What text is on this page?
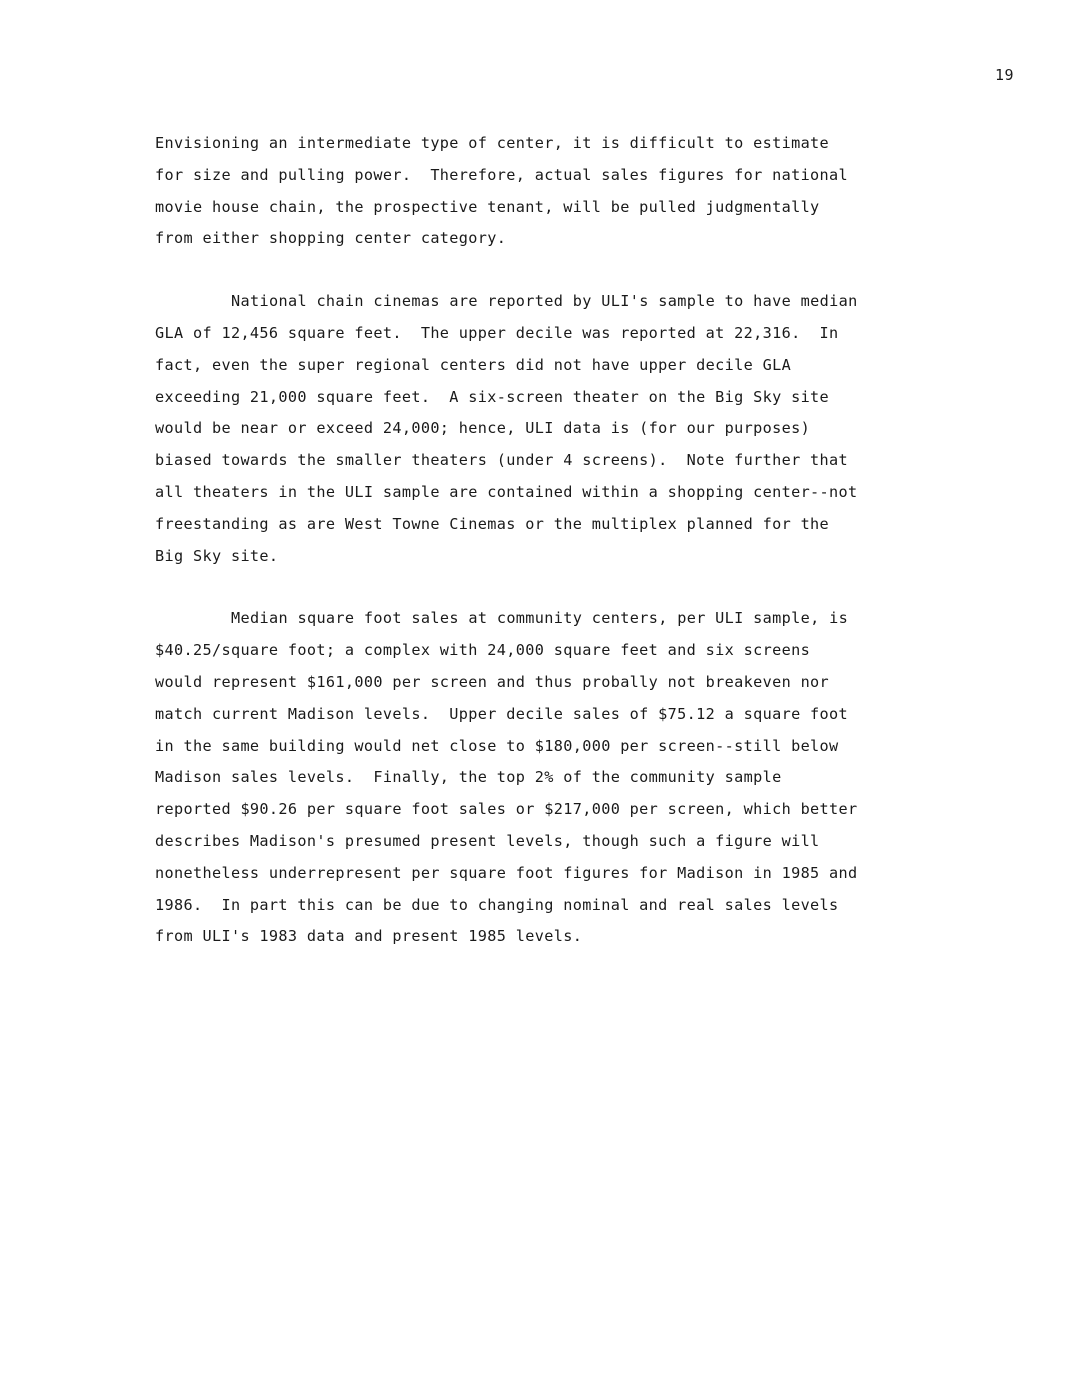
19
Envisioning an intermediate type of center, it is difficult to estimate
for size and pulling power.  Therefore, actual sales figures for national
movie house chain, the prospective tenant, will be pulled judgmentally
from either shopping center category.
National chain cinemas are reported by ULI's sample to have median
GLA of 12,456 square feet.  The upper decile was reported at 22,316.  In
fact, even the super regional centers did not have upper decile GLA
exceeding 21,000 square feet.  A six-screen theater on the Big Sky site
would be near or exceed 24,000; hence, ULI data is (for our purposes)
biased towards the smaller theaters (under 4 screens).  Note further that
all theaters in the ULI sample are contained within a shopping center--not
freestanding as are West Towne Cinemas or the multiplex planned for the
Big Sky site.
Median square foot sales at community centers, per ULI sample, is
$40.25/square foot; a complex with 24,000 square feet and six screens
would represent $161,000 per screen and thus probally not breakeven nor
match current Madison levels.  Upper decile sales of $75.12 a square foot
in the same building would net close to $180,000 per screen--still below
Madison sales levels.  Finally, the top 2% of the community sample
reported $90.26 per square foot sales or $217,000 per screen, which better
describes Madison's presumed present levels, though such a figure will
nonetheless underrepresent per square foot figures for Madison in 1985 and
1986.  In part this can be due to changing nominal and real sales levels
from ULI's 1983 data and present 1985 levels.
